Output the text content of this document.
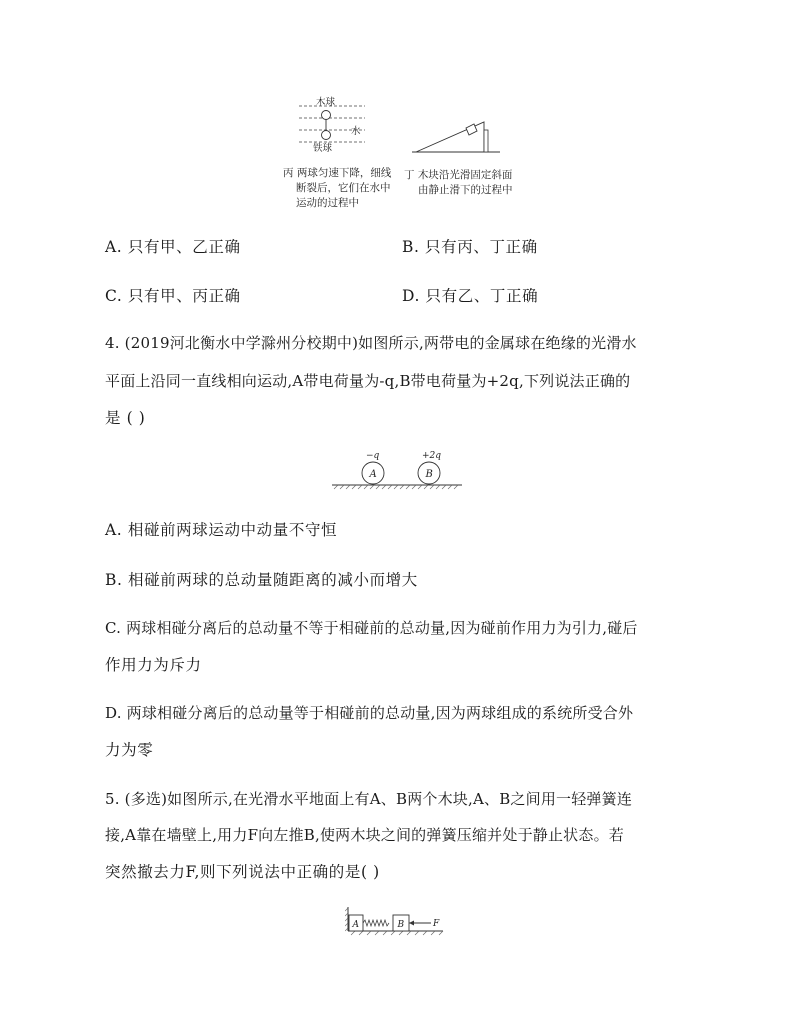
木球
水
铁球
丙 两球匀速下降，细线
断裂后，它们在水中
运动的过程中
丁 木块沿光滑固定斜面
由静止滑下的过程中
A. 只有甲、乙正确	B. 只有丙、丁正确
C. 只有甲、丙正确	D. 只有乙、丁正确
4. (2019河北衡水中学滁州分校期中)如图所示,两带电的金属球在绝缘的光滑水
平面上沿同一直线相向运动,A带电荷量为-q,B带电荷量为+2q,下列说法正确的
是 ( )
−q	+2q
A	B
A. 相碰前两球运动中动量不守恒
B. 相碰前两球的总动量随距离的减小而增大
C. 两球相碰分离后的总动量不等于相碰前的总动量,因为碰前作用力为引力,碰后
作用力为斥力
D. 两球相碰分离后的总动量等于相碰前的总动量,因为两球组成的系统所受合外
力为零
5. (多选)如图所示,在光滑水平地面上有A、B两个木块,A、B之间用一轻弹簧连
接,A靠在墙壁上,用力F向左推B,使两木块之间的弹簧压缩并处于静止状态。若
突然撤去力F,则下列说法中正确的是( )
A	B	F
